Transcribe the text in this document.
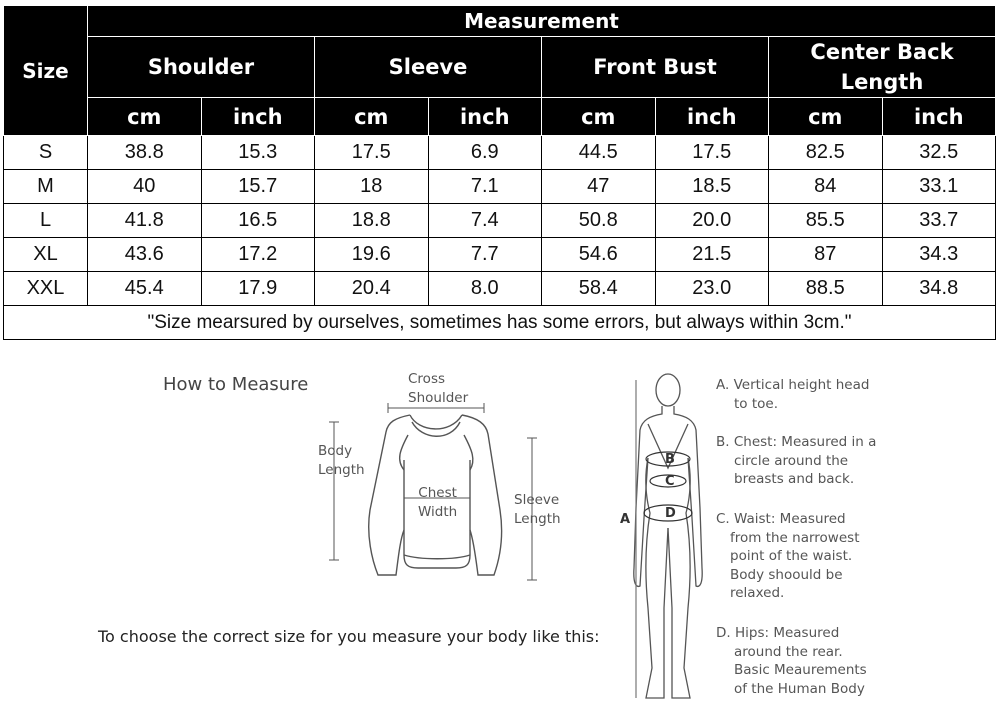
Size	Measurement							
	Shoulder		Sleeve		Front Bust		Center Back Length	
	cm	inch	cm	inch	cm	inch	cm	inch
S	38.8	15.3	17.5	6.9	44.5	17.5	82.5	32.5
M	40	15.7	18	7.1	47	18.5	84	33.1
L	41.8	16.5	18.8	7.4	50.8	20.0	85.5	33.7
XL	43.6	17.2	19.6	7.7	54.6	21.5	87	34.3
XXL	45.4	17.9	20.4	8.0	58.4	23.0	88.5	34.8
"Size mearsured by ourselves, sometimes has some errors, but always within 3cm."								
How to Measure	Cross
Shoulder
Body
Length
Chest
Width
Sleeve
Length
To choose the correct size for you measure your body like this:
A
B
C
D
A. Vertical height head
to toe.
B. Chest: Measured in a
circle around the
breasts and back.
C. Waist: Measured
from the narrowest
point of the waist.
Body shoould be
relaxed.
D. Hips: Measured
around the rear.
Basic Meaurements
of the Human Body
